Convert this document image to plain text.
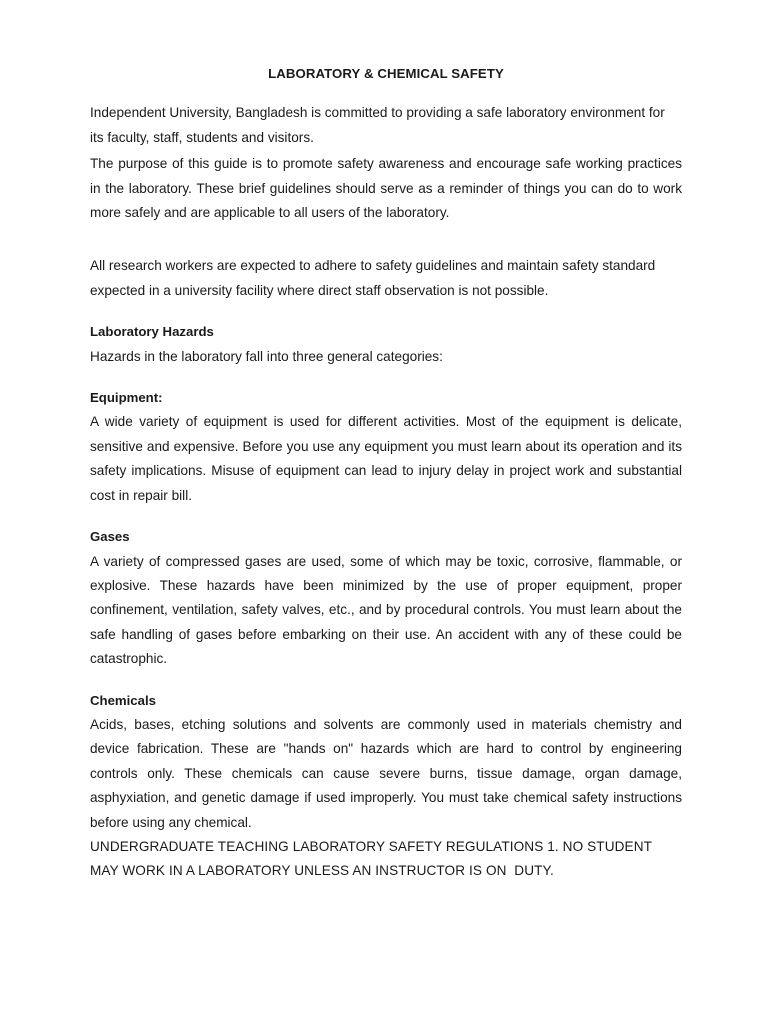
LABORATORY & CHEMICAL SAFETY

Independent University, Bangladesh is committed to providing a safe laboratory environment for its faculty, staff, students and visitors.

The purpose of this guide is to promote safety awareness and encourage safe working practices in the laboratory. These brief guidelines should serve as a reminder of things you can do to work more safely and are applicable to all users of the laboratory.

All research workers are expected to adhere to safety guidelines and maintain safety standard expected in a university facility where direct staff observation is not possible.

Laboratory Hazards

Hazards in the laboratory fall into three general categories:

Equipment:

A wide variety of equipment is used for different activities. Most of the equipment is delicate, sensitive and expensive. Before you use any equipment you must learn about its operation and its safety implications. Misuse of equipment can lead to injury delay in project work and substantial cost in repair bill.

Gases

A variety of compressed gases are used, some of which may be toxic, corrosive, flammable, or explosive. These hazards have been minimized by the use of proper equipment, proper confinement, ventilation, safety valves, etc., and by procedural controls. You must learn about the safe handling of gases before embarking on their use. An accident with any of these could be catastrophic.

Chemicals

Acids, bases, etching solutions and solvents are commonly used in materials chemistry and device fabrication. These are "hands on" hazards which are hard to control by engineering controls only. These chemicals can cause severe burns, tissue damage, organ damage, asphyxiation, and genetic damage if used improperly. You must take chemical safety instructions before using any chemical.

UNDERGRADUATE TEACHING LABORATORY SAFETY REGULATIONS 1. NO STUDENT

MAY WORK IN A LABORATORY UNLESS AN INSTRUCTOR IS ON  DUTY.
